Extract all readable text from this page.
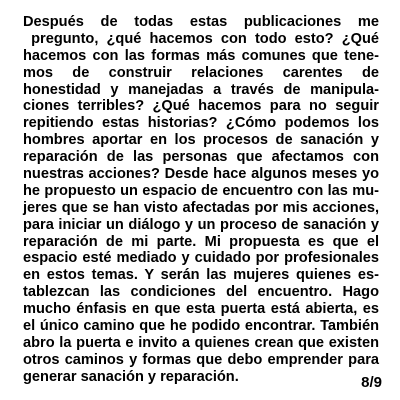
Después de todas estas publicaciones me
pregunto, ¿qué hacemos con todo esto? ¿Qué
hacemos con las formas más comunes que tene-
mos de construir relaciones carentes de
honestidad y manejadas a través de manipula-
ciones terribles? ¿Qué hacemos para no seguir
repitiendo estas historias? ¿Cómo podemos los
hombres aportar en los procesos de sanación y
reparación de las personas que afectamos con
nuestras acciones? Desde hace algunos meses yo
he propuesto un espacio de encuentro con las mu-
jeres que se han visto afectadas por mis acciones,
para iniciar un diálogo y un proceso de sanación y
reparación de mi parte. Mi propuesta es que el
espacio esté mediado y cuidado por profesionales
en estos temas. Y serán las mujeres quienes es-
tablezcan las condiciones del encuentro. Hago
mucho énfasis en que esta puerta está abierta, es
el único camino que he podido encontrar. También
abro la puerta e invito a quienes crean que existen
otros caminos y formas que debo emprender para
generar sanación y reparación.	8/9
